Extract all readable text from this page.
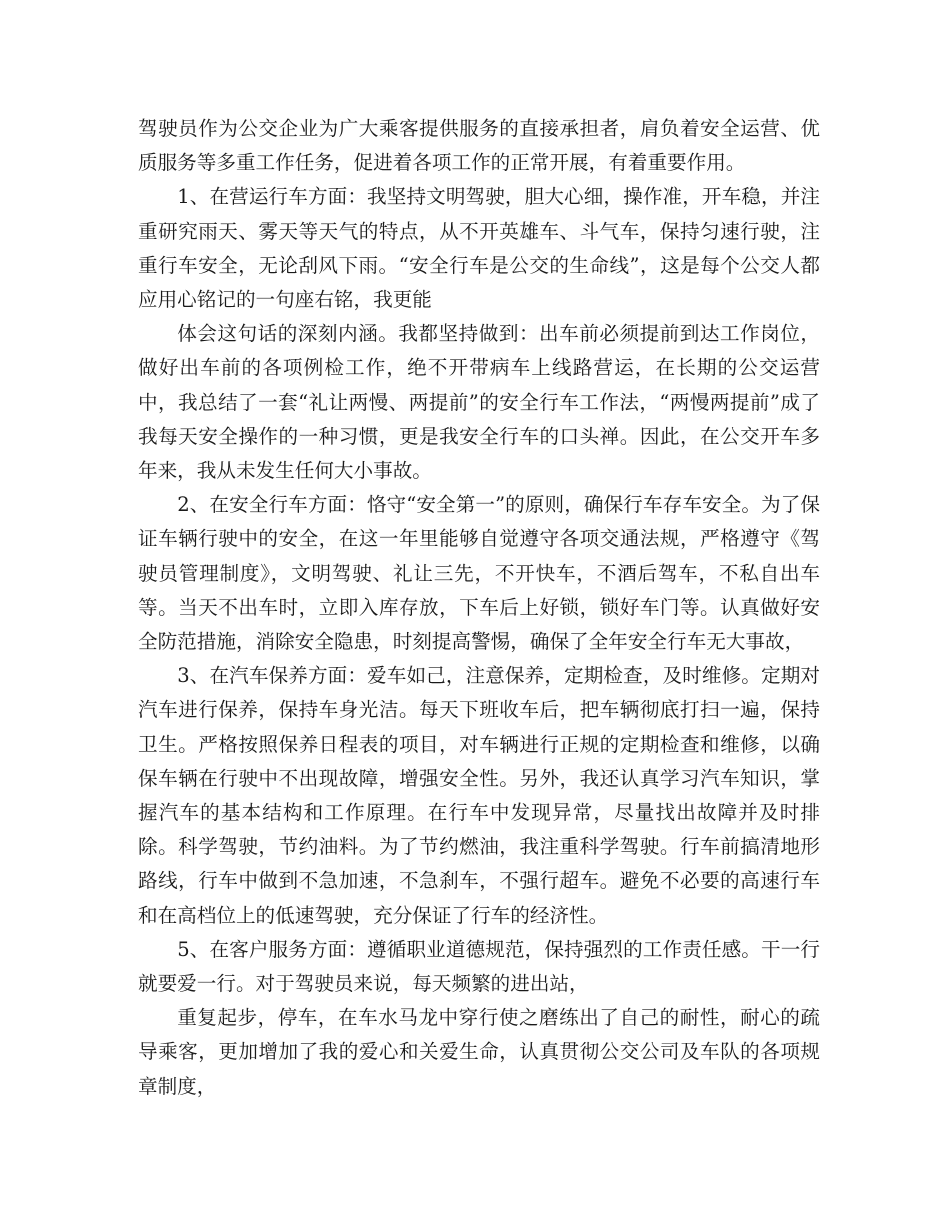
驾驶员作为公交企业为广大乘客提供服务的直接承担者，肩负着安全运营、优质服务等多重工作任务，促进着各项工作的正常开展，有着重要作用。

1、在营运行车方面：我坚持文明驾驶，胆大心细，操作准，开车稳，并注重研究雨天、雾天等天气的特点，从不开英雄车、斗气车，保持匀速行驶，注重行车安全，无论刮风下雨。“安全行车是公交的生命线”，这是每个公交人都应用心铭记的一句座右铭，我更能

体会这句话的深刻内涵。我都坚持做到：出车前必须提前到达工作岗位，做好出车前的各项例检工作，绝不开带病车上线路营运，在长期的公交运营中，我总结了一套“礼让两慢、两提前”的安全行车工作法，“两慢两提前”成了我每天安全操作的一种习惯，更是我安全行车的口头禅。因此，在公交开车多年来，我从未发生任何大小事故。

2、在安全行车方面：恪守“安全第一”的原则，确保行车存车安全。为了保证车辆行驶中的安全，在这一年里能够自觉遵守各项交通法规，严格遵守《驾驶员管理制度》，文明驾驶、礼让三先，不开快车，不酒后驾车，不私自出车等。当天不出车时，立即入库存放，下车后上好锁，锁好车门等。认真做好安全防范措施，消除安全隐患，时刻提高警惕，确保了全年安全行车无大事故，

3、在汽车保养方面：爱车如己，注意保养，定期检查，及时维修。定期对汽车进行保养，保持车身光洁。每天下班收车后，把车辆彻底打扫一遍，保持卫生。严格按照保养日程表的项目，对车辆进行正规的定期检查和维修，以确保车辆在行驶中不出现故障，增强安全性。另外，我还认真学习汽车知识，掌握汽车的基本结构和工作原理。在行车中发现异常，尽量找出故障并及时排除。科学驾驶，节约油料。为了节约燃油，我注重科学驾驶。行车前搞清地形路线，行车中做到不急加速，不急刹车，不强行超车。避免不必要的高速行车和在高档位上的低速驾驶，充分保证了行车的经济性。

5、在客户服务方面：遵循职业道德规范，保持强烈的工作责任感。干一行就要爱一行。对于驾驶员来说，每天频繁的进出站，

重复起步，停车，在车水马龙中穿行使之磨练出了自己的耐性，耐心的疏导乘客，更加增加了我的爱心和关爱生命，认真贯彻公交公司及车队的各项规章制度，
